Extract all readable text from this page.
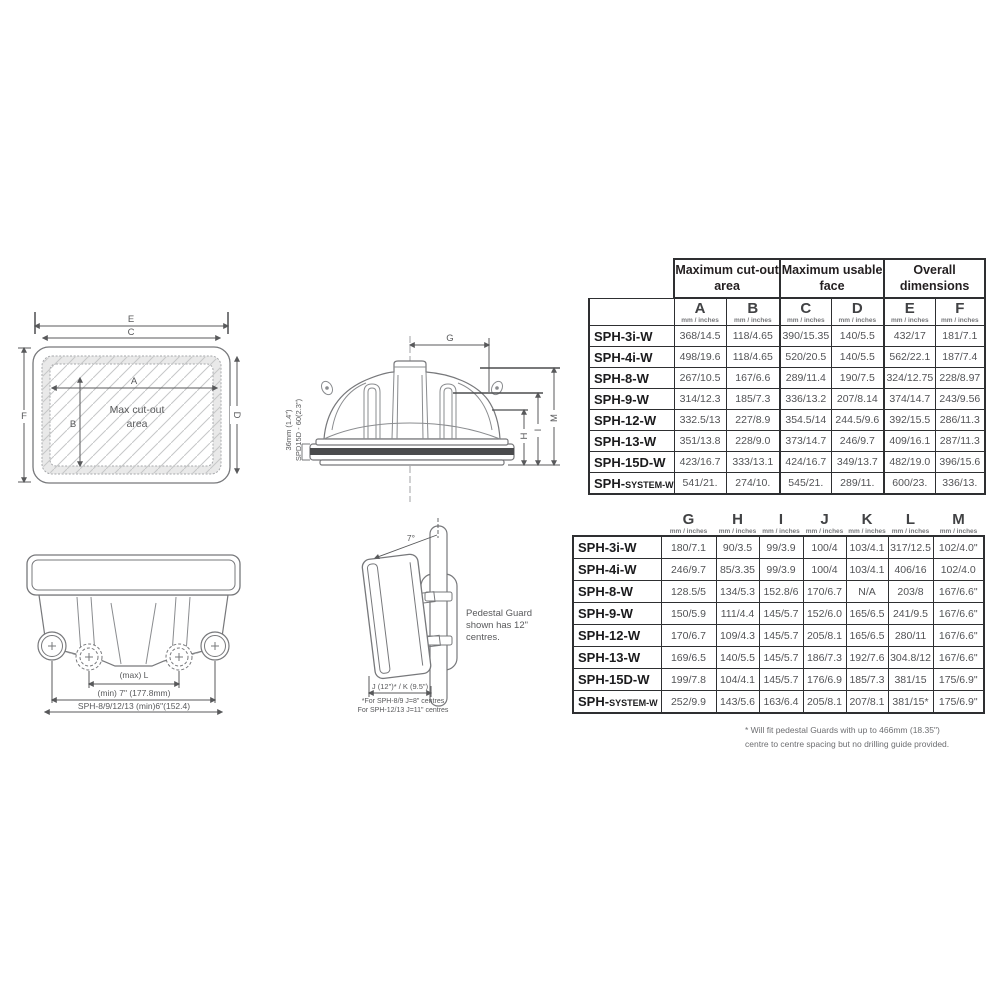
E
C
F	D
A
B
Max cut-out
area
G
M
I
H
36mm (1.4") SPD15D - 60(2.3")
(max) L
(min) 7" (177.8mm)
SPH-8/9/12/13 (min)6"(152.4)
7°
J (12")* / K (9.5")
*For SPH-8/9 J=8" centres
For SPH-12/13 J=11" centres
Pedestal Guard
shown has 12"
centres.
	Maximum cut-out area		Maximum usable face		Overall dimensions	

A
mm / inches

B
mm / inches

C
mm / inches

D
mm / inches

E
mm / inches

F
mm / inches

SPH-3i-W	368/14.5	118/4.65	390/15.35	140/5.5	432/17	181/7.1
SPH-4i-W	498/19.6	118/4.65	520/20.5	140/5.5	562/22.1	187/7.4
SPH-8-W	267/10.5	167/6.6	289/11.4	190/7.5	324/12.75	228/8.97
SPH-9-W	314/12.3	185/7.3	336/13.2	207/8.14	374/14.7	243/9.56
SPH-12-W	332.5/13	227/8.9	354.5/14	244.5/9.6	392/15.5	286/11.3
SPH-13-W	351/13.8	228/9.0	373/14.7	246/9.7	409/16.1	287/11.3
SPH-15D-W	423/16.7	333/13.1	424/16.7	349/13.7	482/19.0	396/15.6
SPH-SYSTEM-W	541/21.	274/10.	545/21.	289/11.	600/23.	336/13.

G
mm / inches

H
mm / inches

I
mm / inches

J
mm / inches

K
mm / inches

L
mm / inches

M
mm / inches

SPH-3i-W	180/7.1	90/3.5	99/3.9	100/4	103/4.1	317/12.5	102/4.0"
SPH-4i-W	246/9.7	85/3.35	99/3.9	100/4	103/4.1	406/16	102/4.0
SPH-8-W	128.5/5	134/5.3	152.8/6	170/6.7	N/A	203/8	167/6.6"
SPH-9-W	150/5.9	111/4.4	145/5.7	152/6.0	165/6.5	241/9.5	167/6.6"
SPH-12-W	170/6.7	109/4.3	145/5.7	205/8.1	165/6.5	280/11	167/6.6"
SPH-13-W	169/6.5	140/5.5	145/5.7	186/7.3	192/7.6	304.8/12	167/6.6"
SPH-15D-W	199/7.8	104/4.1	145/5.7	176/6.9	185/7.3	381/15	175/6.9"
SPH-SYSTEM-W	252/9.9	143/5.6	163/6.4	205/8.1	207/8.1	381/15*	175/6.9"
* Will fit pedestal Guards with up to 466mm (18.35")
centre to centre spacing but no drilling guide provided.
